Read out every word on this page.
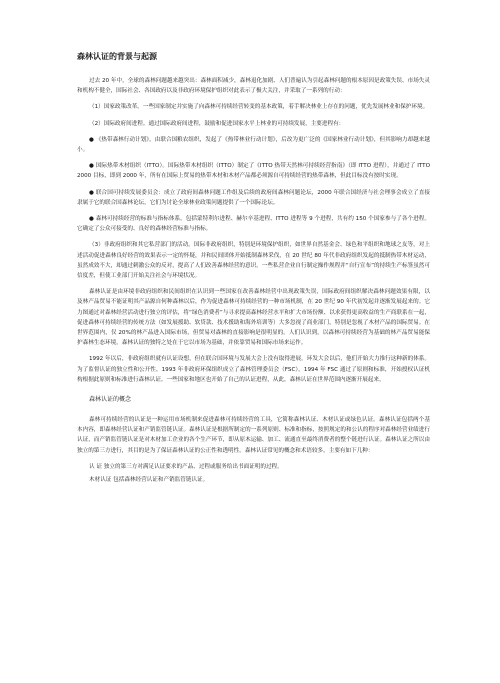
森林认证的背景与起源

过去 20 年中，全球的森林问题越来越突出：森林面积减少，森林退化加剧、人们普遍认为引起森林问题的根本原因是政策失误、市场失灵和机构不健全，国际社会、各国政府以及非政府环境保护组织对此表示了极大关注，并采取了一系列的行动：

（1）国家政策改革。一些国家制定并实施了向森林可持续经营转变的基本政策，着手解决林业上存在的问题，优先发展林业和保护环境。

（2）国际政府间进程。通过国际政府间进程，鼓励和促进国家水平上林业的可持续发展，主要进程有：

● 《热带森林行动计划》。由联合国粮农组织，发起了《热带林业行动计划》，后改为更广泛的《国家林业行动计划》，但其影响力却越来越小。

● 国际热带木材组织（ITTO）。国际热带木材组织（ITTO）制定了《ITTO 热带天然林可持续经营指南》（即 ITTO 进程），并通过了 ITTO2000 目标，即到 2000 年，所有在国际上贸易的热带木材和木材产品都必须源自可持续经营的热带森林，但此目标没有按时实现。

● 联合国可持续发展委员会：成立了政府间森林问题工作组及后续的政府间森林问题论坛，2000 年联合国经济与社会理事会成立了直接隶属于它的联合国森林论坛，它们为讨论全球林业政策问题提供了一个国际论坛。

● 森林可持续经营的标准与指标体系，包括蒙特利尔进程、赫尔辛基进程、ITTO 进程等 9 个进程，共有约 150 个国家参与了各个进程。它确定了公众可接受的、良好的森林经营标准与指标。

（3）非政府组织和其它私营部门的活动。国际非政府组织，特别是环境保护组织，如世界自然基金会、绿色和平组织和地球之友等，对上述活动促进森林良好经营的效果表示一定的怀疑，并和民间团体开始抵制森林采伐，在 20 世纪 80 年代非政府组织发起的抵制热带木材运动，虽然成效不大，却通过刺激公众的反对，提高了人们改善森林经营的意识。一些私营企业自行制定操作规程并“自行宣布”的持续生产标签虽然可信度差，但使工业部门开始关注社会与环境状况。

森林认证是由环境非政府组织和民间组织在认识到一些国家在改善森林经营中出现政策失误，国际政府间组织解决森林问题效果有限，以及林产品贸易不能证明其产品源自何种森林以后，作为促进森林可持续经营的一种市场机制，在 20 世纪 90 年代初发起并逐渐发展起来的。它力图通过对森林经营活动进行独立的评估，将“绿色消费者”与寻求提高森林经营水平和扩大市场份额、以求获得更高收益的生产商联系在一起，促进森林可持续经营的传统方法（如发展援助、软贷款、技术援助和海外培训等）大多忽视了商业部门，特别是忽视了木材产品的国际贸易。在世界范围内，仅 20%的林产品进入国际市场，但贸易对森林的直接影响是很明显的。人们认识到，以森林可持续经营为基础的林产品贸易能保护森林生态环境，森林认证的独特之处在于它以市场为基础，并依靠贸易和国际市场来运作。

1992 年以后，非政府组织就有认证设想，但在联合国环境与发展大会上没有取得进展。环发大会以后，他们开始大力推行这种新的体系。为了监督认证的独立性和公开性，1993 年非政府环保组织成立了森林管理委员会（FSC）。1994 年 FSC 通过了原则和标准，开始授权认证机构根据此原则和标准进行森林认证。一些国家和地区也开始了自己的认证进程，从此，森林认证在世界范围内逐渐开展起来。

森林认证的概念

森林可持续经营的认证是一种运用市场机制来促进森林可持续经营的工具，它简称森林认证、木材认证或绿色认证。森林认证包括两个基本内容，即森林经营认证和产销监管链认证。森林认证是根据所制定的一系列原则、标准和指标，按照规定的和公认的程序对森林经营业绩进行认证，而产销监管链认证是对木材加工企业的各个生产环节，即从原木运输、加工、流通直至最终消费者的整个链进行认证。森林认证之所以由独立的第三方进行，其目的是为了保证森林认证的公正性和透明性。森林认证常见的概念和术语较多，主要有如下几种：

认 证 独立的第三方对满足认证要求的产品、过程或服务给出书面证明的过程。

木材认证 包括森林经营认证和产销监管链认证。
